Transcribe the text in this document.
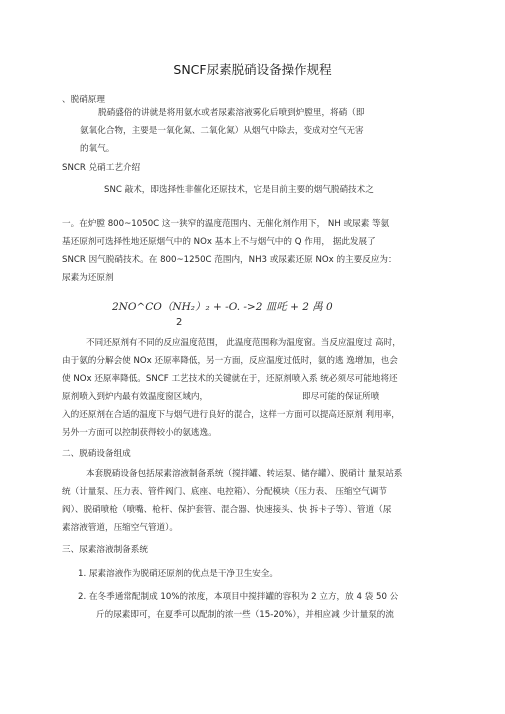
SNCF尿素脱硝设备操作规程
、脱硝原理
脱硝盛俗的讲就是将用氨水或者尿素溶液雾化后喷到炉膛里，将硝（即
氨氧化合物，主要是一氧化氮、二氧化氮）从烟气中除去，变成对空气无害
的氧气。
SNCR 兑硝工艺介绍
SNC 敲术，即选择性非催化还原技术，它是目前主要的烟气脱硝技术之
一。在炉膛 800~1050C 这一狭窄的温度范围内、无催化剂作用下， NH 或尿素 等氨
基还原剂可选择性地还原烟气中的 NOx 基本上不与烟气中的 Q 作用， 据此发展了
SNCR 因气脱硝技术。在 800~1250C 范围内，NH3 或尿素还原 NOx 的主要反应为：
尿素为还原剂
2NO^CO（NH₂）₂ + -O. ->2 皿吒 + 2 禺 0
2
不同还原剂有不同的反应温度范围， 此温度范围称为温度窗。当反应温度过 高时，
由于氨的分解会使 NOx 还原率降低，另一方面，反应温度过低时，氨的逃 逸增加，也会
使 NOx 还原率降低。SNCF 工艺技术的关键就在于，还原剂喷入系 统必须尽可能地将还
原剂喷入到炉内最有效温度窗区域内，	即尽可能的保证所喷
入的还原剂在合适的温度下与烟气进行良好的混合，这样一方面可以提高还原剂 利用率，
另外一方面可以控制获得较小的氨逃逸。
二、脱硝设备组成
本套脱硝设备包括尿素溶液制备系统（搅拌罐、转运泵、储存罐）、脱硝计 量泵站系
统（计量泵、压力表、管件阀门、底座、电控箱）、分配模块（压力表、 压缩空气调节
阀）、脱硝喷枪（喷嘴、枪杆、保护套管、混合器、快速接头、快 拆卡子等）、管道（尿
素溶液管道，压缩空气管道）。
三、尿素溶液制备系统
1. 尿素溶液作为脱硝还原剂的优点是干净卫生安全。
2. 在冬季通常配制成 10%的浓度，本项目中搅拌罐的容积为 2 立方，放 4 袋 50 公
斤的尿素即可，在夏季可以配制的浓一些（15-20%），并相应减 少计量泵的流
